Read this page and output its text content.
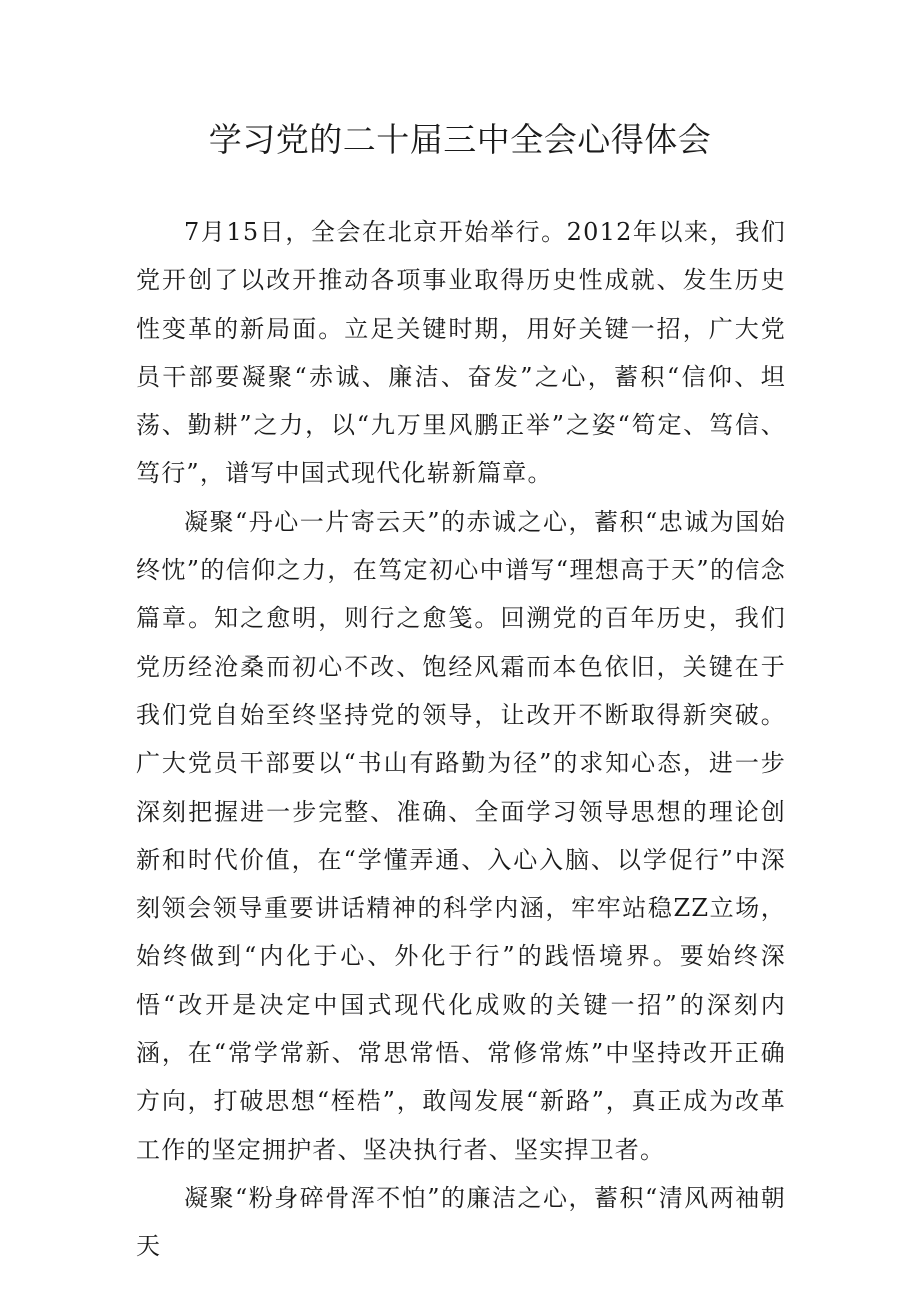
学习党的二十届三中全会心得体会

7月15日，全会在北京开始举行。2012年以来，我们党开创了以改开推动各项事业取得历史性成就、发生历史性变革的新局面。立足关键时期，用好关键一招，广大党员干部要凝聚“赤诚、廉洁、奋发”之心，蓄积“信仰、坦荡、勤耕”之力，以“九万里风鹏正举”之姿“笱定、笃信、笃行”，谱写中国式现代化崭新篇章。

凝聚“丹心一片寄云天”的赤诚之心，蓄积“忠诚为国始终忱”的信仰之力，在笃定初心中谱写“理想高于天”的信念篇章。知之愈明，则行之愈笺。回溯党的百年历史，我们党历经沧桑而初心不改、饱经风霜而本色依旧，关键在于我们党自始至终坚持党的领导，让改开不断取得新突破。广大党员干部要以“书山有路勤为径”的求知心态，进一步深刻把握进一步完整、准确、全面学习领导思想的理论创新和时代价值，在“学懂弄通、入心入脑、以学促行”中深刻领会领导重要讲话精神的科学内涵，牢牢站稳ZZ立场，始终做到“内化于心、外化于行”的践悟境界。要始终深悟“改开是决定中国式现代化成败的关键一招”的深刻内涵，在“常学常新、常思常悟、常修常炼”中坚持改开正确方向，打破思想“桎梏”，敢闯发展“新路”，真正成为改革工作的坚定拥护者、坚决执行者、坚实捍卫者。

凝聚“粉身碎骨浑不怕”的廉洁之心，蓄积“清风两袖朝天
